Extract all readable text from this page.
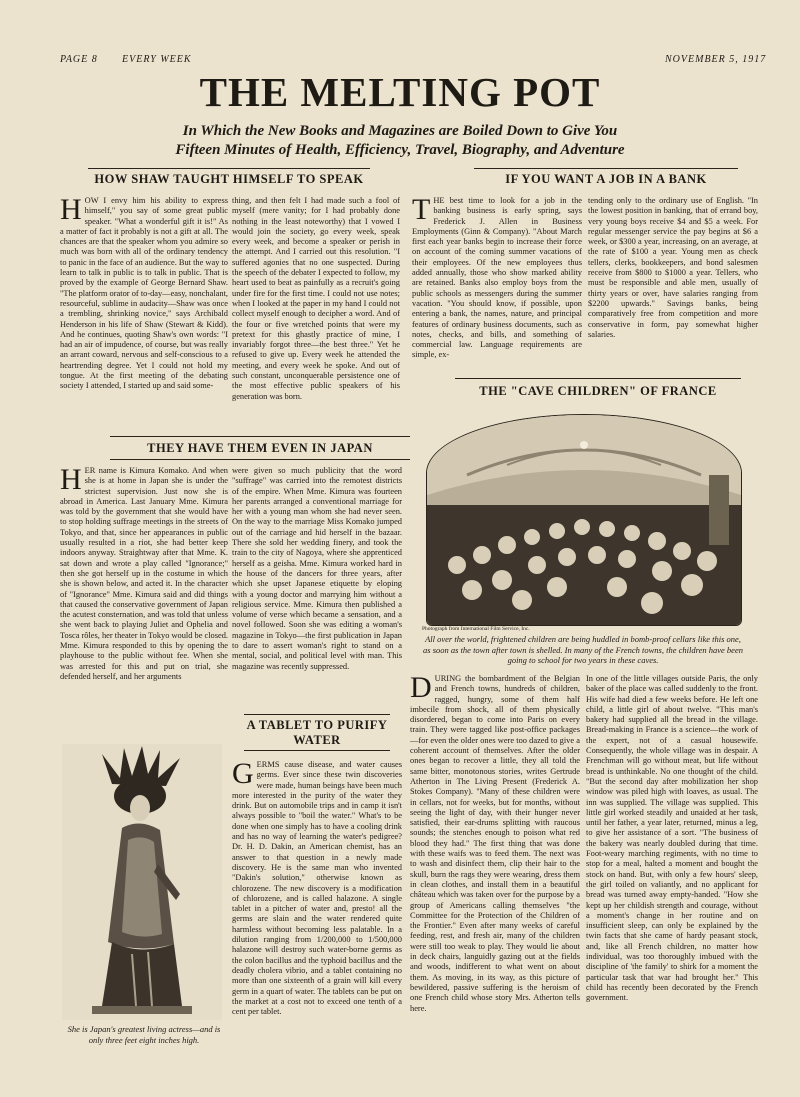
PAGE 8 EVERY WEEK	NOVEMBER 5, 1917
THE MELTING POT
In Which the New Books and Magazines are Boiled Down to Give You
Fifteen Minutes of Health, Efficiency, Travel, Biography, and Adventure
HOW SHAW TAUGHT HIMSELF TO SPEAK

HOW I envy him his ability to express himself," you say of some great public speaker. "What a wonderful gift it is!" As a matter of fact it probably is not a gift at all. The chances are that the speaker whom you admire so much was born with all of the ordinary tendency to panic in the face of an audience. But the way to learn to talk in public is to talk in public. That is proved by the example of George Bernard Shaw. "The platform orator of to-day—easy, nonchalant, resourceful, sublime in audacity—Shaw was once a trembling, shrinking novice," says Archibald Henderson in his life of Shaw (Stewart & Kidd). And he continues, quoting Shaw's own words: "I had an air of impudence, of course, but was really an arrant coward, nervous and self-conscious to a heartrending degree. Yet I could not hold my tongue. At the first meeting of the debating society I attended, I started up and said some-

thing, and then felt I had made such a fool of myself (mere vanity; for I had probably done nothing in the least noteworthy) that I vowed I would join the society, go every week, speak every week, and become a speaker or perish in the attempt. And I carried out this resolution. "I suffered agonies that no one suspected. During the speech of the debater I expected to follow, my heart used to beat as painfully as a recruit's going under fire for the first time. I could not use notes; when I looked at the paper in my hand I could not collect myself enough to decipher a word. And of the four or five wretched points that were my pretext for this ghastly practice of mine, I invariably forgot three—the best three." Yet he refused to give up. Every week he attended the meeting, and every week he spoke. And out of such constant, unconquerable persistence one of the most effective public speakers of his generation was born.

IF YOU WANT A JOB IN A BANK

THE best time to look for a job in the banking business is early spring, says Frederick J. Allen in Business Employments (Ginn & Company). "About March first each year banks begin to increase their force on account of the coming summer vacations of their employees. Of the new employees thus added annually, those who show marked ability are retained. Banks also employ boys from the public schools as messengers during the summer vacation. "You should know, if possible, upon entering a bank, the names, nature, and principal features of ordinary business documents, such as notes, checks, and bills, and something of commercial law. Language requirements are simple, ex-

tending only to the ordinary use of English. "In the lowest position in banking, that of errand boy, very young boys receive $4 and $5 a week. For regular messenger service the pay begins at $6 a week, or $300 a year, increasing, on an average, at the rate of $100 a year. Young men as check tellers, clerks, bookkeepers, and bond salesmen receive from $800 to $1000 a year. Tellers, who must be responsible and able men, usually of thirty years or over, have salaries ranging from $2200 upwards." Savings banks, being comparatively free from competition and more conservative in form, pay somewhat higher salaries.

THE "CAVE CHILDREN" OF FRANCE
THEY HAVE THEM EVEN IN JAPAN

HER name is Kimura Komako. And when she is at home in Japan she is under the strictest supervision. Just now she is abroad in America. Last January Mme. Kimura was told by the government that she would have to stop holding suffrage meetings in the streets of Tokyo, and that, since her appearances in public usually resulted in a riot, she had better keep indoors anyway. Straightway after that Mme. K. sat down and wrote a play called "Ignorance;" then she got herself up in the costume in which she is shown below, and acted it. In the character of "Ignorance" Mme. Kimura said and did things that caused the conservative government of Japan the acutest consternation, and was told that unless she went back to playing Juliet and Ophelia and Tosca rôles, her theater in Tokyo would be closed. Mme. Kimura responded to this by opening the playhouse to the public without fee. When she was arrested for this and put on trial, she defended herself, and her arguments

were given so much publicity that the word "suffrage" was carried into the remotest districts of the empire. When Mme. Kimura was fourteen her parents arranged a conventional marriage for her with a young man whom she had never seen. On the way to the marriage Miss Komako jumped out of the carriage and hid herself in the bazaar. There she sold her wedding finery, and took the train to the city of Nagoya, where she apprenticed herself as a geisha. Mme. Kimura worked hard in the house of the dancers for three years, after which she upset Japanese etiquette by eloping with a young doctor and marrying him without a religious service. Mme. Kimura then published a volume of verse which became a sensation, and a novel followed. Soon she was editing a woman's magazine in Tokyo—the first publication in Japan to dare to assert woman's right to stand on a mental, social, and political level with man. This magazine was recently suppressed.

She is Japan's greatest living actress—and is only three feet eight inches high.
Photograph from International Film Service, Inc.
All over the world, frightened children are being huddled in bomb-proof cellars like this one, as soon as the town after town is shelled. In many of the French towns, the children have been going to school for two years in these caves.

DURING the bombardment of the Belgian and French towns, hundreds of children, ragged, hungry, some of them half imbecile from shock, all of them physically disordered, began to come into Paris on every train. They were tagged like post-office packages—for even the older ones were too dazed to give a coherent account of themselves. After the older ones began to recover a little, they all told the same bitter, monotonous stories, writes Gertrude Atherton in The Living Present (Frederick A. Stokes Company). "Many of these children were in cellars, not for weeks, but for months, without seeing the light of day, with their hunger never satisfied, their ear-drums splitting with raucous sounds; the stenches enough to poison what red blood they had." The first thing that was done with these waifs was to feed them. The next was to wash and disinfect them, clip their hair to the skull, burn the rags they were wearing, dress them in clean clothes, and install them in a beautiful château which was taken over for the purpose by a group of Americans calling themselves "the Committee for the Protection of the Children of the Frontier." Even after many weeks of careful feeding, rest, and fresh air, many of the children were still too weak to play. They would lie about in deck chairs, languidly gazing out at the fields and woods, indifferent to what went on about them. As moving, in its way, as this picture of bewildered, passive suffering is the heroism of one French child whose story Mrs. Atherton tells here.

In one of the little villages outside Paris, the only baker of the place was called suddenly to the front. His wife had died a few weeks before. He left one child, a little girl of about twelve. "This man's bakery had supplied all the bread in the village. Bread-making in France is a science—the work of the expert, not of a casual housewife. Consequently, the whole village was in despair. A Frenchman will go without meat, but life without bread is unthinkable. No one thought of the child. "But the second day after mobilization her shop window was piled high with loaves, as usual. The inn was supplied. The village was supplied. This little girl worked steadily and unaided at her task, until her father, a year later, returned, minus a leg, to give her assistance of a sort. "The business of the bakery was nearly doubled during that time. Foot-weary marching regiments, with no time to stop for a meal, halted a moment and bought the stock on hand. But, with only a few hours' sleep, the girl toiled on valiantly, and no applicant for bread was turned away empty-handed. "How she kept up her childish strength and courage, without a moment's change in her routine and on insufficient sleep, can only be explained by the twin facts that she came of hardy peasant stock, and, like all French children, no matter how individual, was too thoroughly imbued with the discipline of 'the family' to shirk for a moment the particular task that war had brought her." This child has recently been decorated by the French government.

A TABLET TO PURIFY
WATER

GERMS cause disease, and water causes germs. Ever since these twin discoveries were made, human beings have been much more interested in the purity of the water they drink. But on automobile trips and in camp it isn't always possible to "boil the water." What's to be done when one simply has to have a cooling drink and has no way of learning the water's pedigree? Dr. H. D. Dakin, an American chemist, has an answer to that question in a newly made discovery. He is the same man who invented "Dakin's solution," otherwise known as chlorozene. The new discovery is a modification of chlorozene, and is called halazone. A single tablet in a pitcher of water and, presto! all the germs are slain and the water rendered quite harmless without becoming less palatable. In a dilution ranging from 1/200,000 to 1/500,000 halazone will destroy such water-borne germs as the colon bacillus and the typhoid bacillus and the deadly cholera vibrio, and a tablet containing no more than one sixteenth of a grain will kill every germ in a quart of water. The tablets can be put on the market at a cost not to exceed one tenth of a cent per tablet.
